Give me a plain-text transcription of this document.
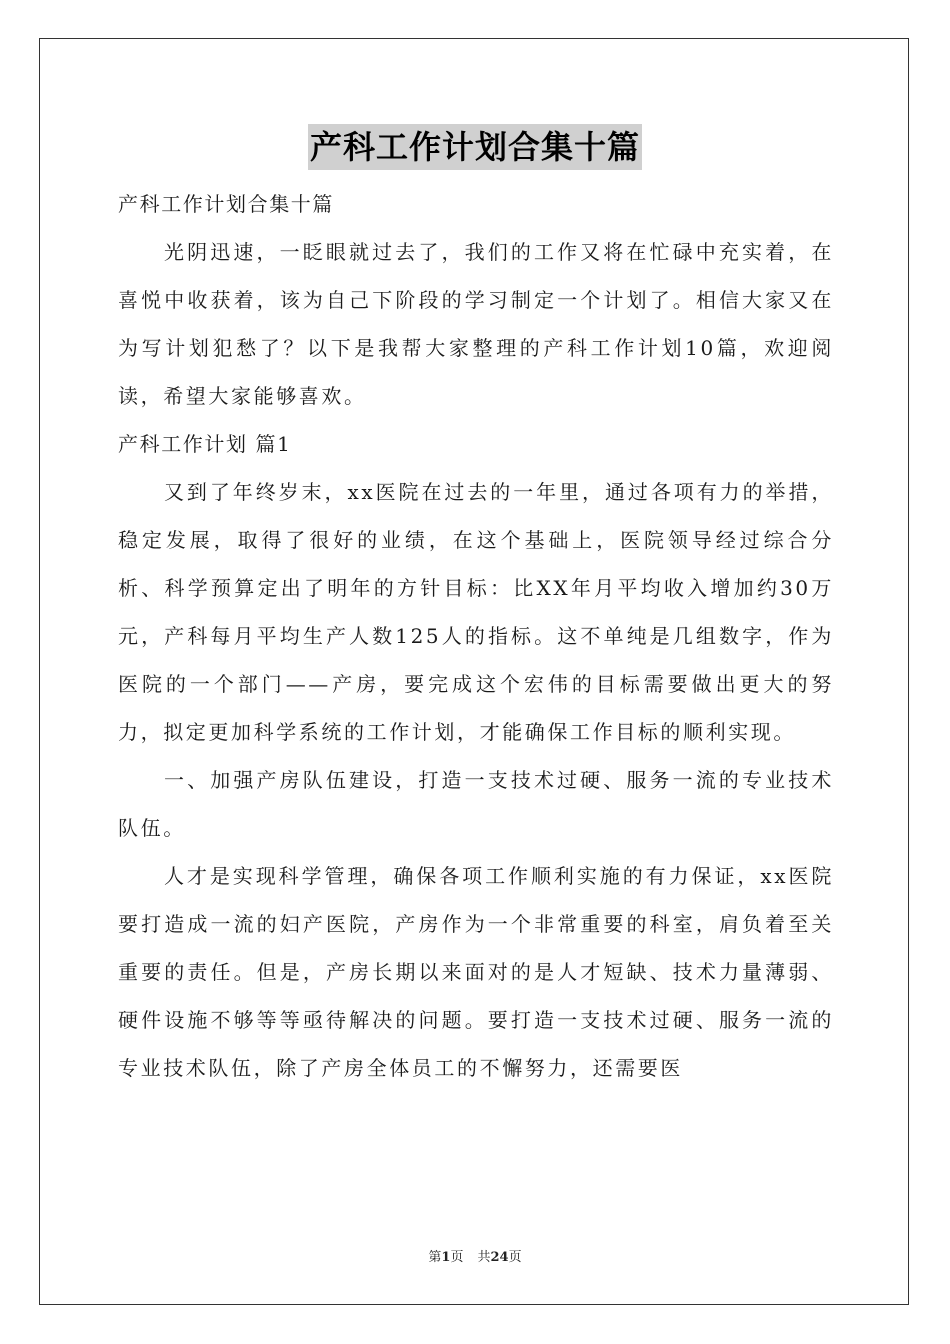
产科工作计划合集十篇

产科工作计划合集十篇

光阴迅速，一眨眼就过去了，我们的工作又将在忙碌中充实着，在喜悦中收获着，该为自己下阶段的学习制定一个计划了。相信大家又在为写计划犯愁了？以下是我帮大家整理的产科工作计划10篇，欢迎阅读，希望大家能够喜欢。

产科工作计划 篇1

又到了年终岁末，xx医院在过去的一年里，通过各项有力的举措，稳定发展，取得了很好的业绩，在这个基础上，医院领导经过综合分析、科学预算定出了明年的方针目标：比XX年月平均收入增加约30万元，产科每月平均生产人数125人的指标。这不单纯是几组数字，作为医院的一个部门——产房，要完成这个宏伟的目标需要做出更大的努力，拟定更加科学系统的工作计划，才能确保工作目标的顺利实现。

一、加强产房队伍建设，打造一支技术过硬、服务一流的专业技术队伍。

人才是实现科学管理，确保各项工作顺利实施的有力保证，xx医院要打造成一流的妇产医院，产房作为一个非常重要的科室，肩负着至关重要的责任。但是，产房长期以来面对的是人才短缺、技术力量薄弱、硬件设施不够等等亟待解决的问题。要打造一支技术过硬、服务一流的专业技术队伍，除了产房全体员工的不懈努力，还需要医

第1页 共24页
